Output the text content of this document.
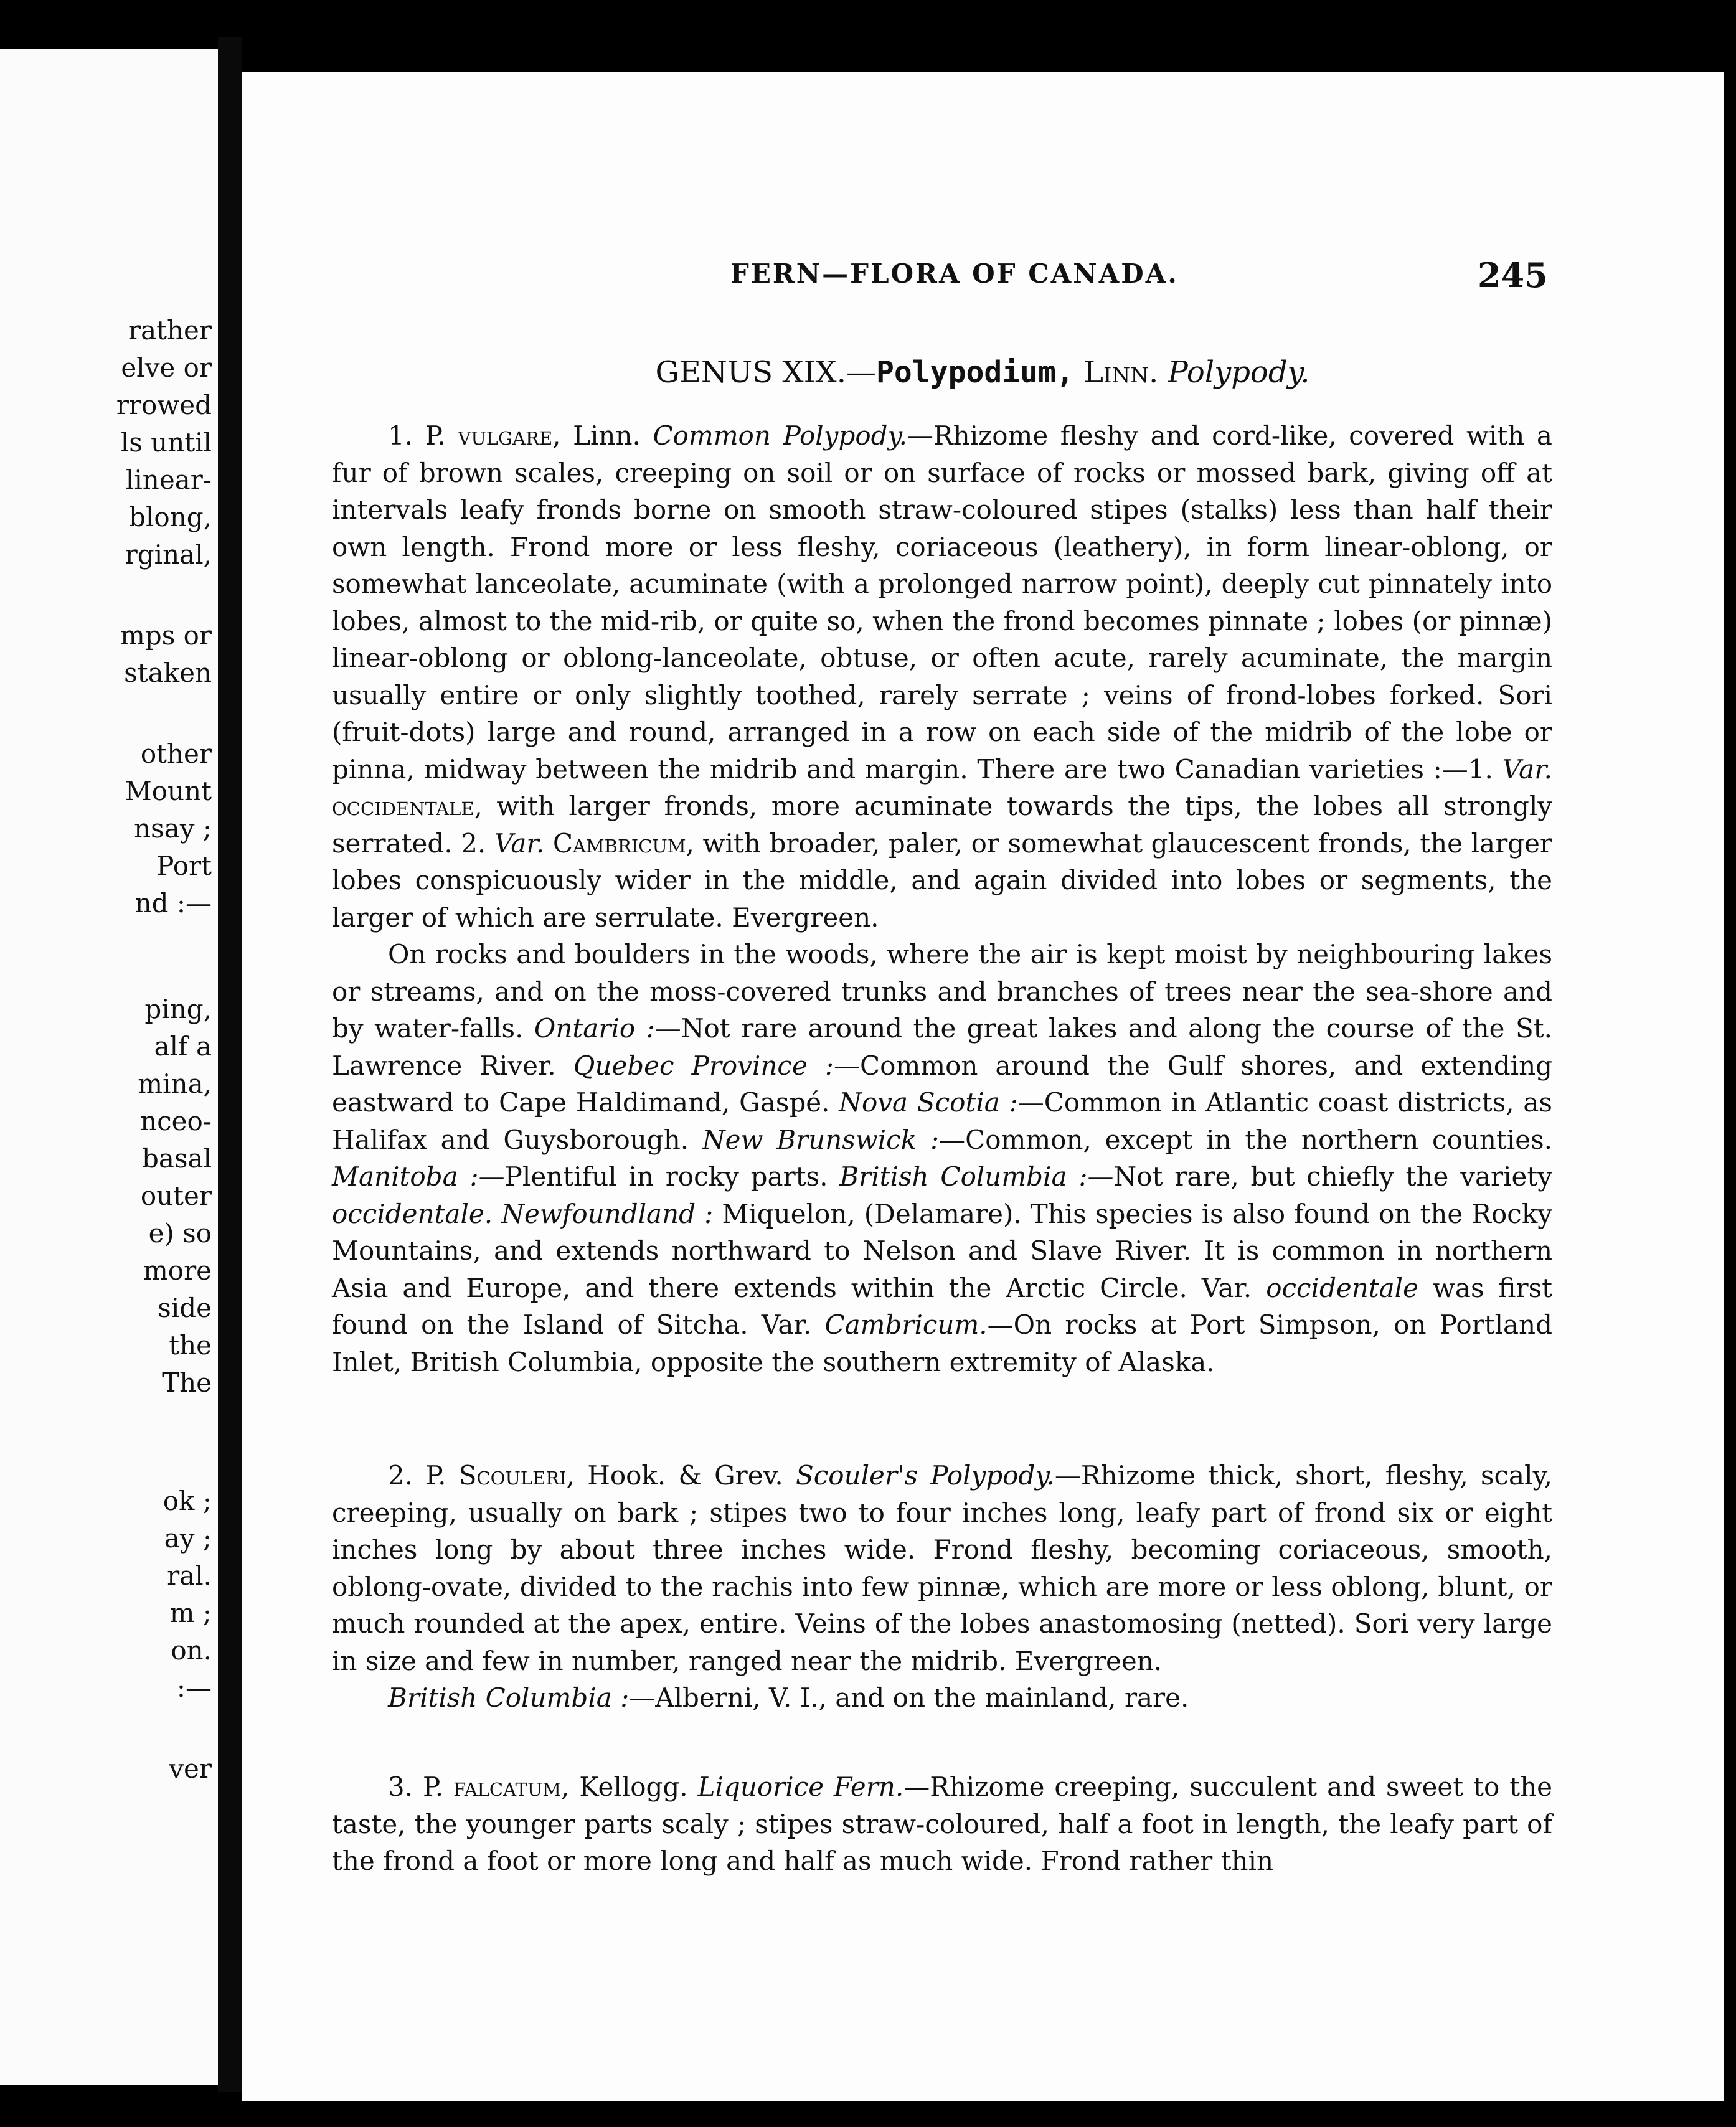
rather
elve or
rrowed
ls until
linear-
blong,
rginal,
mps or
staken
other
Mount
nsay ;
Port
nd :—
ping,
alf a
mina,
nceo-
basal
outer
e) so
more
side
the
The
ok ;
ay ;
ral.
m ;
on.
:—
ver
FERN—FLORA OF CANADA.	245
GENUS XIX.—Polypodium, Linn. Polypody.

1. P. vulgare, Linn. Common Polypody.—Rhizome fleshy and cord-like, covered with a fur of brown scales, creeping on soil or on surface of rocks or mossed bark, giving off at intervals leafy fronds borne on smooth straw-coloured stipes (stalks) less than half their own length. Frond more or less fleshy, coriaceous (leathery), in form linear-oblong, or somewhat lanceolate, acuminate (with a prolonged narrow point), deeply cut pinnately into lobes, almost to the mid-rib, or quite so, when the frond becomes pinnate ; lobes (or pinnæ) linear-oblong or oblong-lanceolate, obtuse, or often acute, rarely acuminate, the margin usually entire or only slightly toothed, rarely serrate ; veins of frond-lobes forked. Sori (fruit-dots) large and round, arranged in a row on each side of the midrib of the lobe or pinna, midway between the midrib and margin. There are two Canadian varieties :—1. Var. occidentale, with larger fronds, more acuminate towards the tips, the lobes all strongly serrated. 2. Var. Cambricum, with broader, paler, or somewhat glaucescent fronds, the larger lobes conspicuously wider in the middle, and again divided into lobes or segments, the larger of which are serrulate. Evergreen.

On rocks and boulders in the woods, where the air is kept moist by neighbouring lakes or streams, and on the moss-covered trunks and branches of trees near the sea-shore and by water-falls. Ontario :—Not rare around the great lakes and along the course of the St. Lawrence River. Quebec Province :—Common around the Gulf shores, and extending eastward to Cape Haldimand, Gaspé. Nova Scotia :—Common in Atlantic coast districts, as Halifax and Guysborough. New Brunswick :—Common, except in the northern counties. Manitoba :—Plentiful in rocky parts. British Columbia :—Not rare, but chiefly the variety occidentale. Newfoundland : Miquelon, (Delamare). This species is also found on the Rocky Mountains, and extends northward to Nelson and Slave River. It is common in northern Asia and Europe, and there extends within the Arctic Circle. Var. occidentale was first found on the Island of Sitcha. Var. Cambricum.—On rocks at Port Simpson, on Portland Inlet, British Columbia, opposite the southern extremity of Alaska.

2. P. Scouleri, Hook. & Grev. Scouler's Polypody.—Rhizome thick, short, fleshy, scaly, creeping, usually on bark ; stipes two to four inches long, leafy part of frond six or eight inches long by about three inches wide. Frond fleshy, becoming coriaceous, smooth, oblong-ovate, divided to the rachis into few pinnæ, which are more or less oblong, blunt, or much rounded at the apex, entire. Veins of the lobes anastomosing (netted). Sori very large in size and few in number, ranged near the midrib. Evergreen.

British Columbia :—Alberni, V. I., and on the mainland, rare.

3. P. falcatum, Kellogg. Liquorice Fern.—Rhizome creeping, succulent and sweet to the taste, the younger parts scaly ; stipes straw-coloured, half a foot in length, the leafy part of the frond a foot or more long and half as much wide. Frond rather thin
